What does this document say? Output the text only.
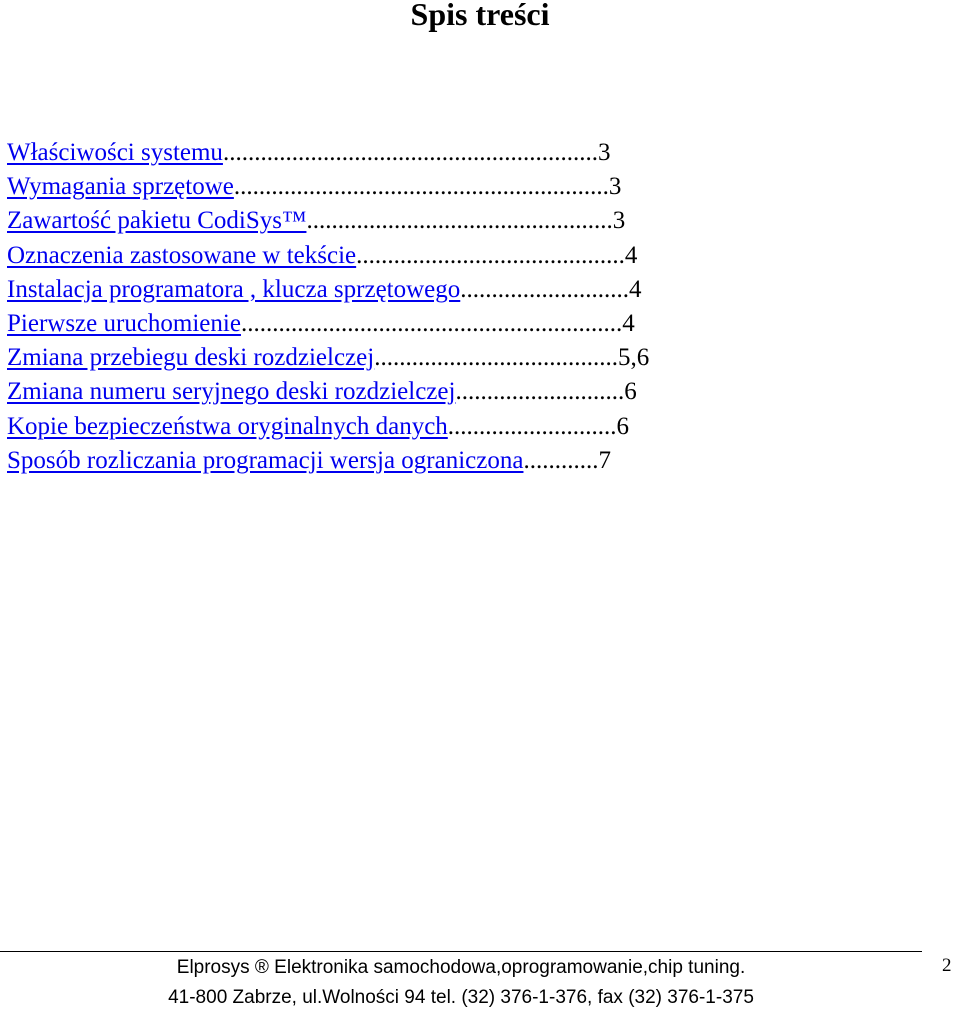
Spis treści
Właściwości systemu............................................................3
Wymagania sprzętowe............................................................3
Zawartość pakietu CodiSys™.................................................3
Oznaczenia zastosowane w tekście...........................................4
Instalacja programatora , klucza sprzętowego...........................4
Pierwsze uruchomienie.............................................................4
Zmiana przebiegu deski rozdzielczej.......................................5,6
Zmiana numeru seryjnego deski rozdzielczej...........................6
Kopie bezpieczeństwa oryginalnych danych...........................6
Sposób rozliczania programacji wersja ograniczona............7
Elprosys ® Elektronika samochodowa,oprogramowanie,chip tuning.
41-800 Zabrze, ul.Wolności 94 tel. (32) 376-1-376, fax (32) 376-1-375
2
